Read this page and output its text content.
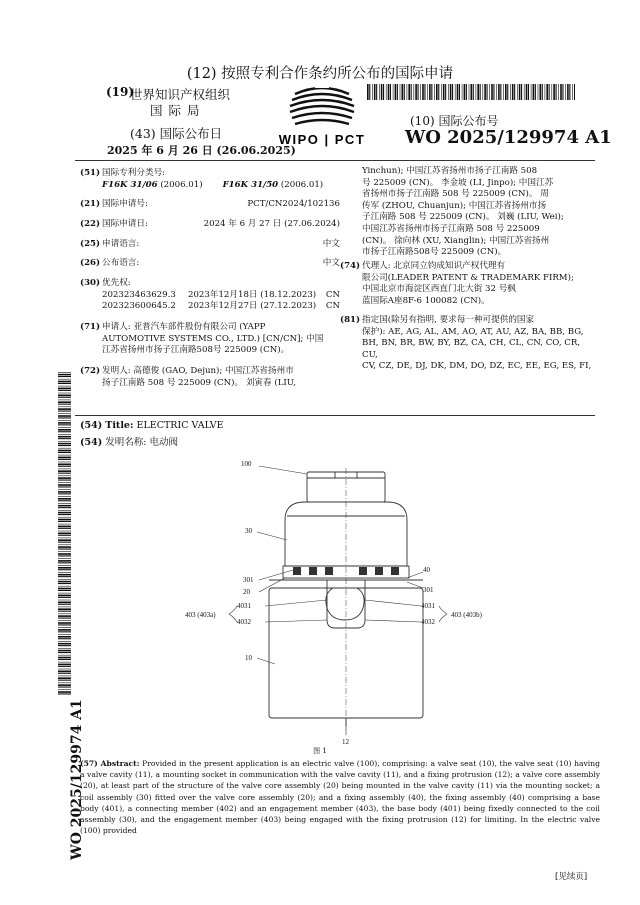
(12) 按照专利合作条约所公布的国际申请
(19)
世界知识产权组织
国际局
(43) 国际公布日
2025 年 6 月 26 日 (26.06.2025)
WIPO | PCT
(10) 国际公布号
WO 2025/129974 A1
(51) 国际专利分类号:
F16K 31/06
(2006.01) F16K 31/50
(2006.01)
(21) 国际申请号:	PCT/CN2024/102136
(22) 国际申请日:	2024 年 6 月 27 日 (27.06.2024)
(25) 申请语言:	中文
(26) 公布语言:	中文
(30) 优先权:
202323463629.3	2023年12月18日 (18.12.2023)	CN
202323600645.2	2023年12月27日 (27.12.2023)	CN
(71) 申请人: 亚普汽车部件股份有限公司 (YAPP
AUTOMOTIVE SYSTEMS CO., LTD.) [CN/CN]; 中国
江苏省扬州市扬子江南路508号 225009 (CN)。
(72) 发明人: 高德俊 (GAO, Dejun); 中国江苏省扬州市
扬子江南路 508 号 225009 (CN)。 刘寅春 (LIU,
Yinchun); 中国江苏省扬州市扬子江南路 508
号 225009 (CN)。 李金坡 (LI, Jinpo); 中国江苏
省扬州市扬子江南路 508 号 225009 (CN)。 周
传军 (ZHOU, Chuanjun); 中国江苏省扬州市扬
子江南路 508 号 225009 (CN)。 刘巍 (LIU, Wei);
中国江苏省扬州市扬子江南路 508 号 225009
(CN)。 徐向林 (XU, Xianglin); 中国江苏省扬州
市扬子江南路508号 225009 (CN)。
(74) 代理人: 北京同立钧成知识产权代理有
限公司(LEADER PATENT & TRADEMARK FIRM);
中国北京市海淀区西直门北大街 32 号枫
蓝国际A座8F-6 100082 (CN)。
(81) 指定国(除另有指明, 要求每一种可提供的国家
保护): AE, AG, AL, AM, AO, AT, AU, AZ, BA, BB, BG,
BH, BN, BR, BW, BY, BZ, CA, CH, CL, CN, CO, CR, CU,
CV, CZ, DE, DJ, DK, DM, DO, DZ, EC, EE, EG, ES, FI,
(54) Title: ELECTRIC VALVE
(54) 发明名称: 电动阀
100
30
301
20
4031
403 (403a)
4032
10
12
40
301
4031
403 (403b)
4032
图 1
(57) Abstract: Provided in the present application is an electric valve (100), comprising: a valve seat (10), the valve seat (10) having a valve cavity (11), a mounting socket in communication with the valve cavity (11), and a fixing protrusion (12); a valve core assembly (20), at least part of the structure of the valve core assembly (20) being mounted in the valve cavity (11) via the mounting socket; a coil assembly (30) fitted over the valve core assembly (20); and a fixing assembly (40), the fixing assembly (40) comprising a base body (401), a connecting member (402) and an engagement member (403), the base body (401) being fixedly connected to the coil assembly (30), and the engagement member (403) being engaged with the fixing protrusion (12) for limiting. In the electric valve (100) provided
[见续页]
WO 2025/129974 A1
